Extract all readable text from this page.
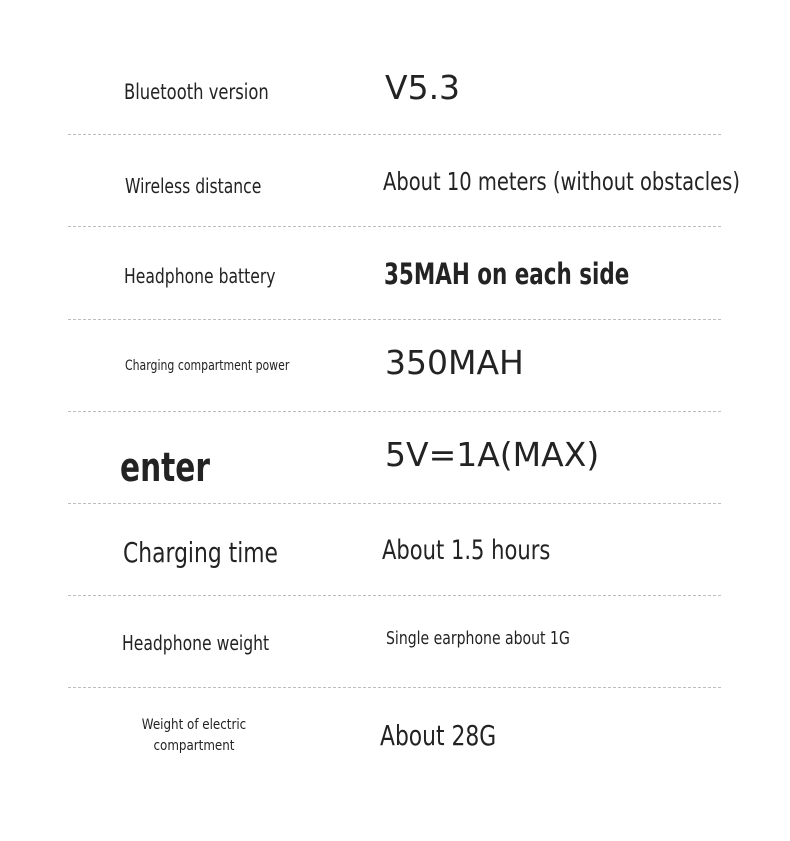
Bluetooth version	V5.3
Wireless distance	About 10 meters (without obstacles)
Headphone battery	35MAH on each side
Charging compartment power	350MAH
enter	5V=1A(MAX)
Charging time	About 1.5 hours
Headphone weight	Single earphone about 1G
Weight of electric compartment	About 28G
